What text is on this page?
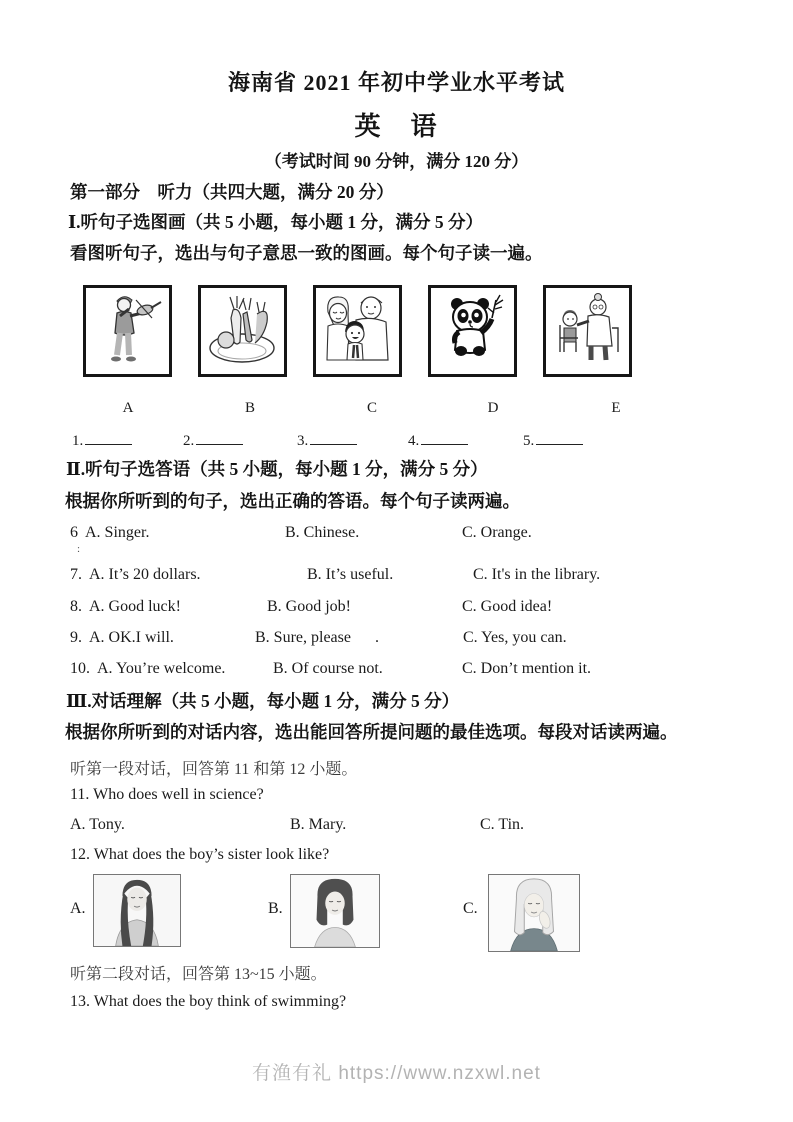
海南省 2021 年初中学业水平考试
英　语
（考试时间 90 分钟，满分 120 分）
第一部分　听力（共四大题，满分 20 分）
Ⅰ.听句子选图画（共 5 小题，每小题 1 分，满分 5 分）
看图听句子，选出与句子意思一致的图画。每个句子读一遍。
A	B	C	D	E
1.	2.	3.	4.	5.
Ⅱ.听句子选答语（共 5 小题，每小题 1 分，满分 5 分）
根据你所听到的句子，选出正确的答语。每个句子读两遍。
:
6 A. Singer.	B. Chinese.	C. Orange.
7. A. It’s 20 dollars.	B. It’s useful.	C. It's in the library.
8. A. Good luck!	B. Good job!	C. Good idea!
9. A. OK.I will.	B. Sure, please      .	C. Yes, you can.
10. A. You’re welcome.	B. Of course not.	C. Don’t mention it.
Ⅲ.对话理解（共 5 小题，每小题 1 分，满分 5 分）
根据你所听到的对话内容，选出能回答所提问题的最佳选项。每段对话读两遍。
听第一段对话，回答第 11 和第 12 小题。
11. Who does well in science?
A. Tony.	B. Mary.	C. Tin.
12. What does the boy’s sister look like?
A.	B.	C.
听第二段对话，回答第 13~15 小题。
13. What does the boy think of swimming?
有渔有礼 https://www.nzxwl.net
